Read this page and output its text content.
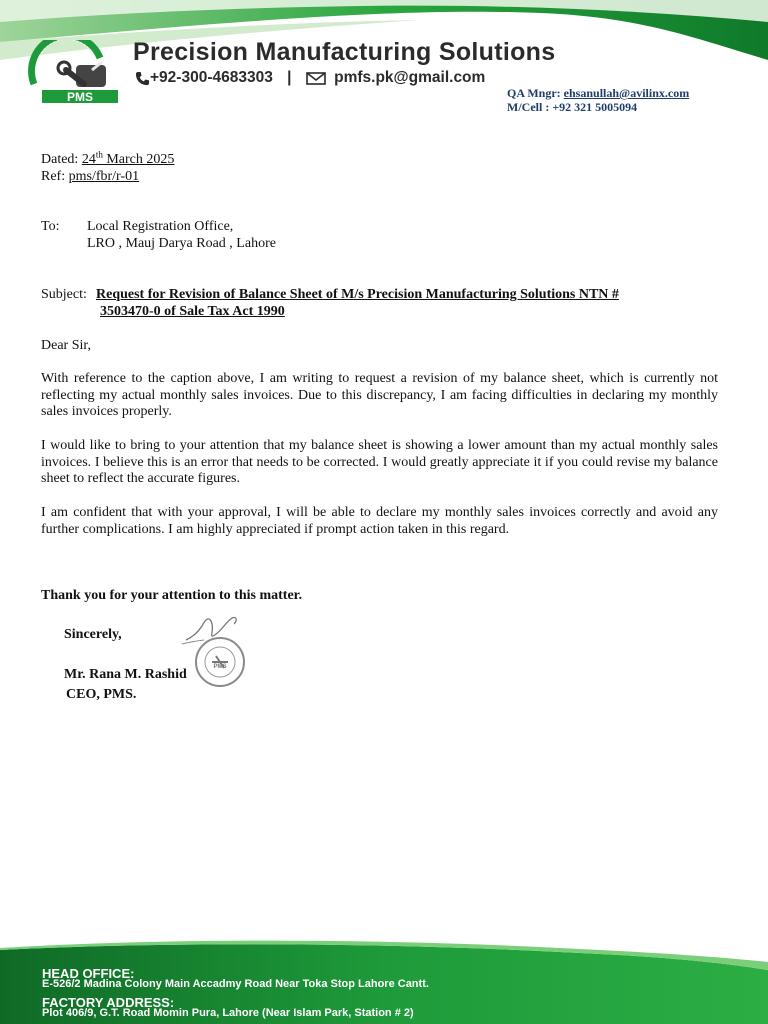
PMS
Precision Manufacturing Solutions
+92-300-4683303 |	pmfs.pk@gmail.com
QA Mngr: ehsanullah@avilinx.com
M/Cell : +92 321 5005094
Dated: 24th March 2025
Ref: pms/fbr/r-01
To: Local Registration Office,
LRO , Mauj Darya Road , Lahore
Subject: Request for Revision of Balance Sheet of M/s Precision Manufacturing Solutions NTN #
3503470-0 of Sale Tax Act 1990
Dear Sir,
With reference to the caption above, I am writing to request a revision of my balance sheet, which is currently not reflecting my actual monthly sales invoices. Due to this discrepancy, I am facing difficulties in declaring my monthly sales invoices properly.
I would like to bring to your attention that my balance sheet is showing a lower amount than my actual monthly sales invoices. I believe this is an error that needs to be corrected. I would greatly appreciate it if you could revise my balance sheet to reflect the accurate figures.
I am confident that with your approval, I will be able to declare my monthly sales invoices correctly and avoid any further complications. I am highly appreciated if prompt action taken in this regard.
Thank you for your attention to this matter.
Sincerely,
PMS
Mr. Rana M. Rashid
CEO, PMS.
HEAD OFFICE:
E-526/2 Madina Colony Main Accadmy Road Near Toka Stop Lahore Cantt.
FACTORY ADDRESS:
Plot 406/9, G.T. Road Momin Pura, Lahore (Near Islam Park, Station # 2)
